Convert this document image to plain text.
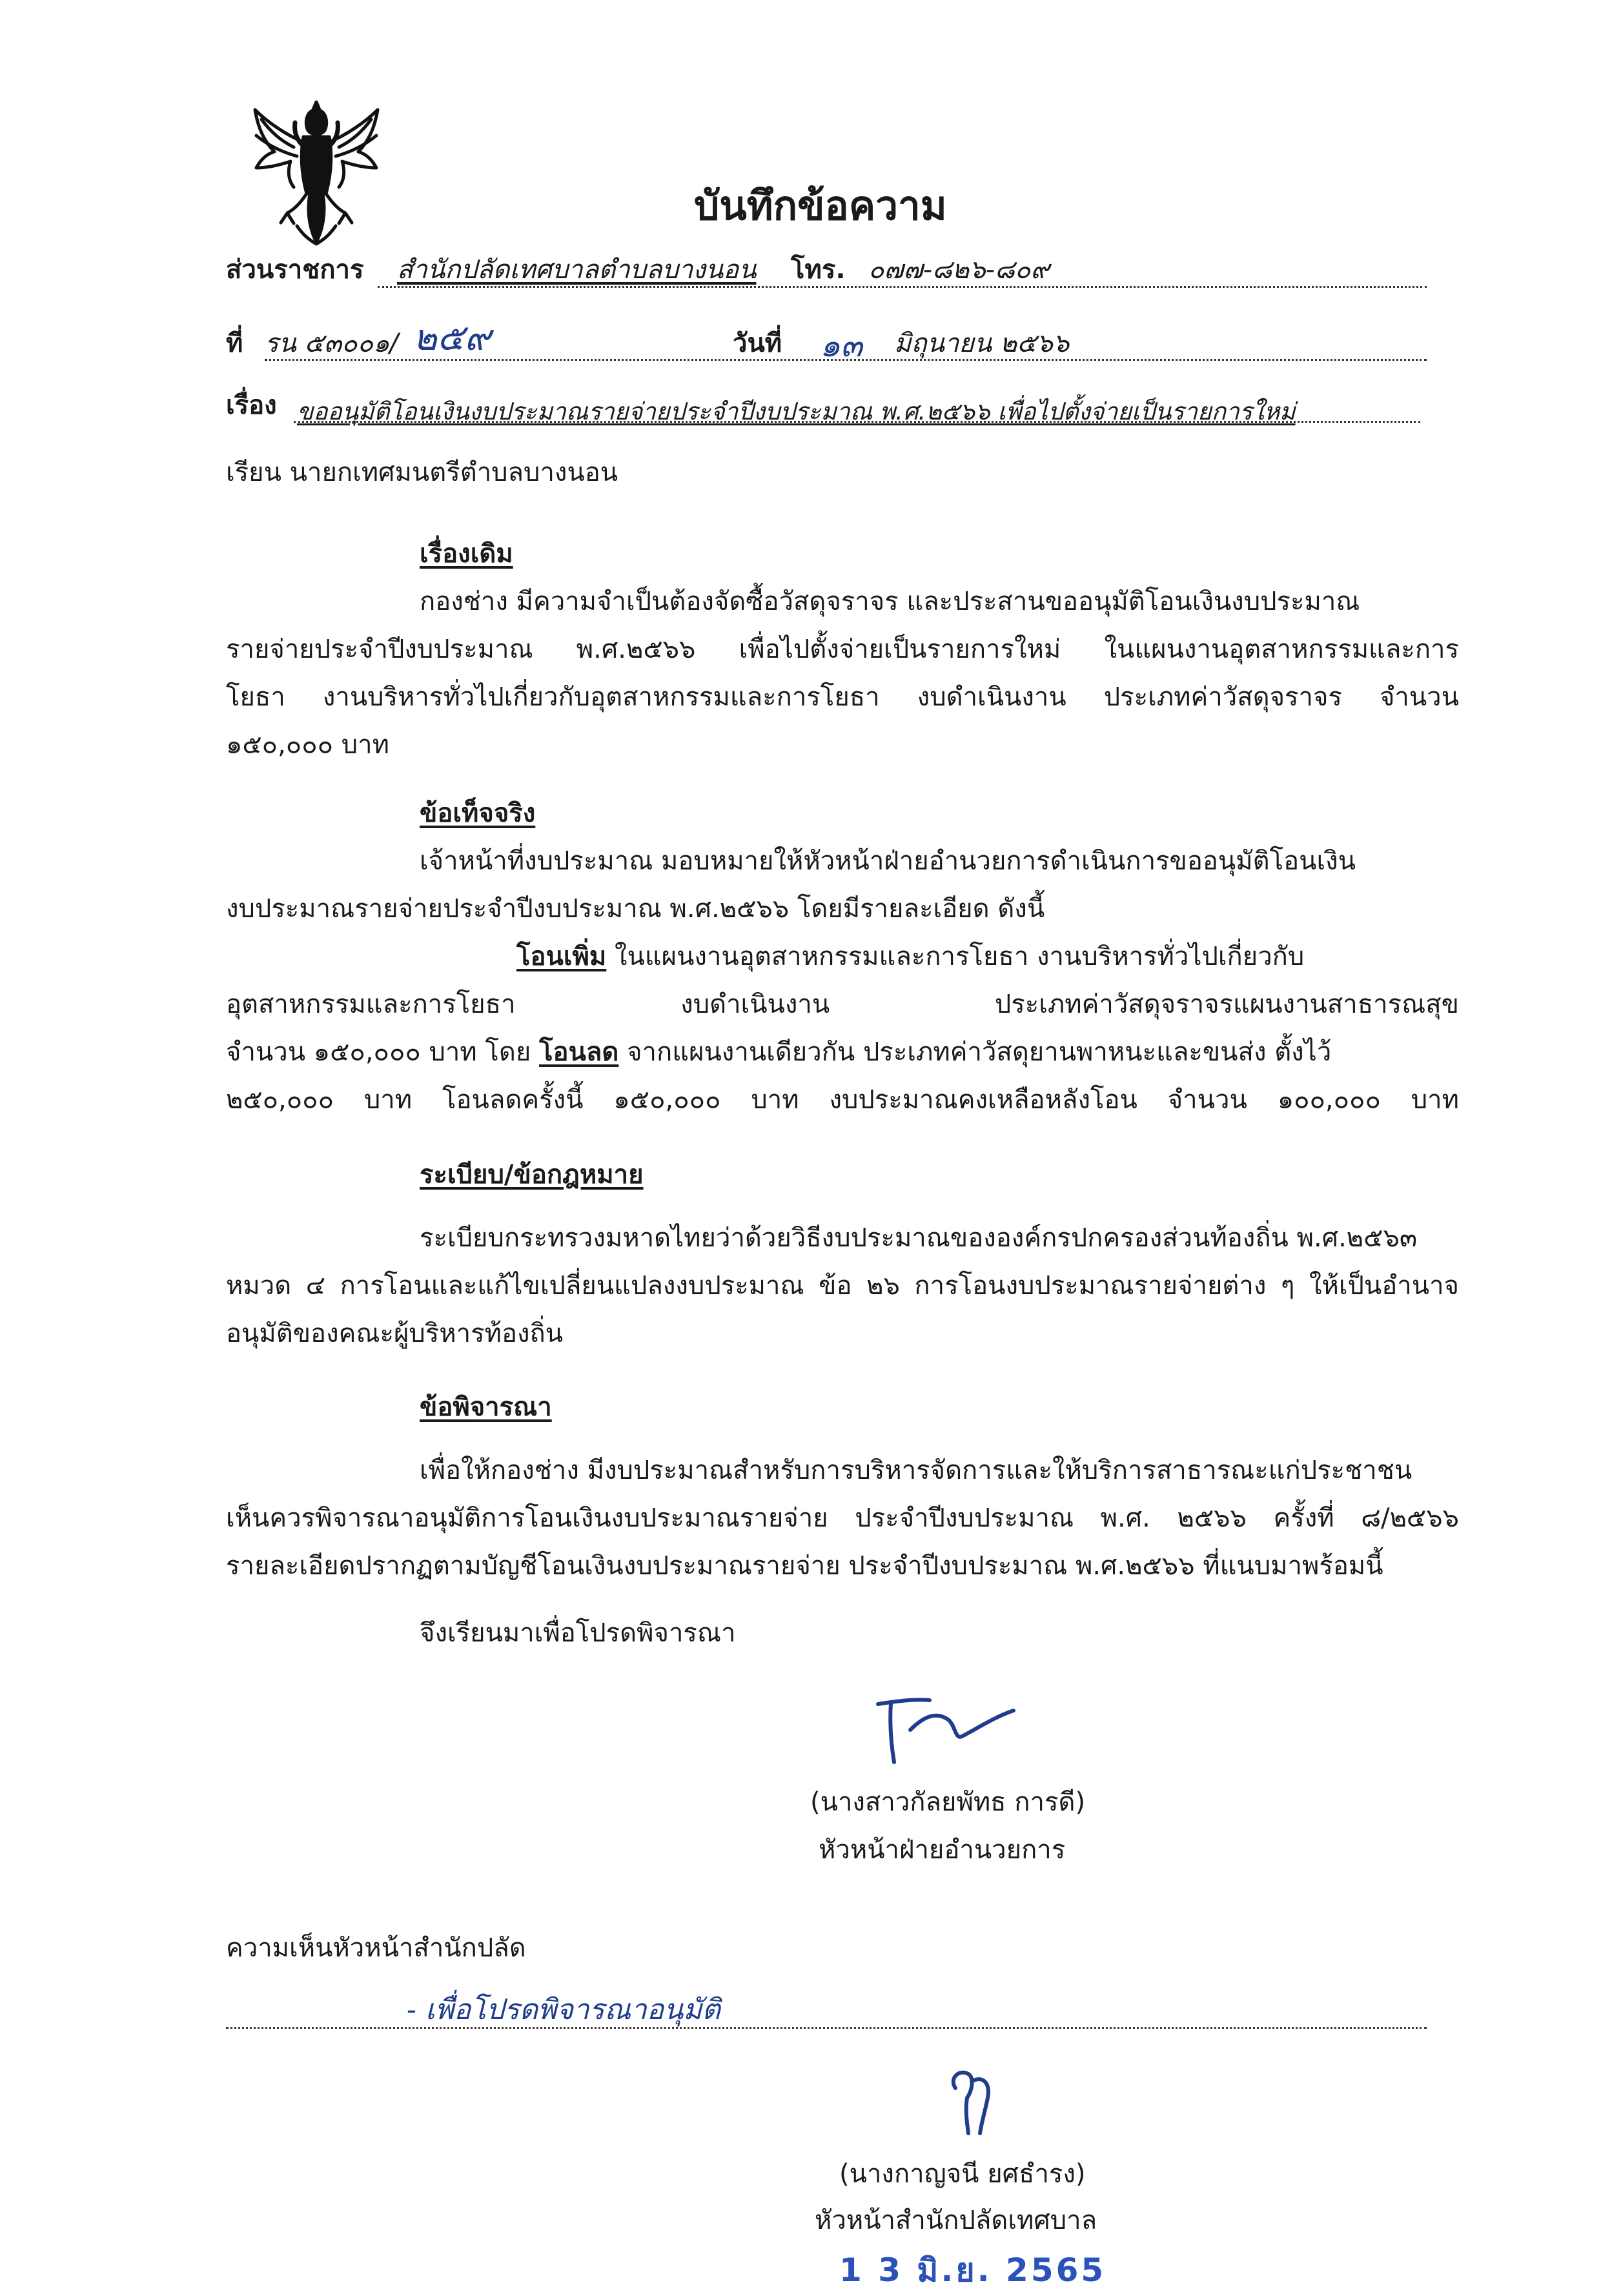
บันทึกข้อความ
ส่วนราชการ สำนักปลัดเทศบาลตำบลบางนอน โทร. ๐๗๗-๘๒๖-๘๐๙
ที่ รน ๕๓๐๐๑/ ๒๕๙	วันที่ ๑๓ มิถุนายน ๒๕๖๖
เรื่อง ขออนุมัติโอนเงินงบประมาณรายจ่ายประจำปีงบประมาณ พ.ศ.๒๕๖๖ เพื่อไปตั้งจ่ายเป็นรายการใหม่
เรียน นายกเทศมนตรีตำบลบางนอน
เรื่องเดิม
กองช่าง มีความจำเป็นต้องจัดซื้อวัสดุจราจร และประสานขออนุมัติโอนเงินงบประมาณ
รายจ่ายประจำปีงบประมาณ พ.ศ.๒๕๖๖ เพื่อไปตั้งจ่ายเป็นรายการใหม่ ในแผนงานอุตสาหกรรมและการ
โยธา งานบริหารทั่วไปเกี่ยวกับอุตสาหกรรมและการโยธา งบดำเนินงาน ประเภทค่าวัสดุจราจร จำนวน
๑๕๐,๐๐๐ บาท
ข้อเท็จจริง
เจ้าหน้าที่งบประมาณ มอบหมายให้หัวหน้าฝ่ายอำนวยการดำเนินการขออนุมัติโอนเงิน
งบประมาณรายจ่ายประจำปีงบประมาณ พ.ศ.๒๕๖๖ โดยมีรายละเอียด ดังนี้
โอนเพิ่ม ในแผนงานอุตสาหกรรมและการโยธา งานบริหารทั่วไปเกี่ยวกับ
อุตสาหกรรมและการโยธา งบดำเนินงาน ประเภทค่าวัสดุจราจรแผนงานสาธารณสุข
จำนวน ๑๕๐,๐๐๐ บาท โดย โอนลด จากแผนงานเดียวกัน ประเภทค่าวัสดุยานพาหนะและขนส่ง ตั้งไว้
๒๕๐,๐๐๐ บาท โอนลดครั้งนี้ ๑๕๐,๐๐๐ บาท งบประมาณคงเหลือหลังโอน จำนวน ๑๐๐,๐๐๐ บาท
ระเบียบ/ข้อกฎหมาย
ระเบียบกระทรวงมหาดไทยว่าด้วยวิธีงบประมาณขององค์กรปกครองส่วนท้องถิ่น พ.ศ.๒๕๖๓
หมวด ๔ การโอนและแก้ไขเปลี่ยนแปลงงบประมาณ ข้อ ๒๖ การโอนงบประมาณรายจ่ายต่าง ๆ ให้เป็นอำนาจ
อนุมัติของคณะผู้บริหารท้องถิ่น
ข้อพิจารณา
เพื่อให้กองช่าง มีงบประมาณสำหรับการบริหารจัดการและให้บริการสาธารณะแก่ประชาชน
เห็นควรพิจารณาอนุมัติการโอนเงินงบประมาณรายจ่าย ประจำปีงบประมาณ พ.ศ. ๒๕๖๖ ครั้งที่ ๘/๒๕๖๖
รายละเอียดปรากฏตามบัญชีโอนเงินงบประมาณรายจ่าย ประจำปีงบประมาณ พ.ศ.๒๕๖๖ ที่แนบมาพร้อมนี้
จึงเรียนมาเพื่อโปรดพิจารณา
(นางสาวกัลยพัทธ การดี)
หัวหน้าฝ่ายอำนวยการ
ความเห็นหัวหน้าสำนักปลัด
- เพื่อโปรดพิจารณาอนุมัติ
(นางกาญจนี ยศธำรง)
หัวหน้าสำนักปลัดเทศบาล
1 3 มิ.ย. 2565
